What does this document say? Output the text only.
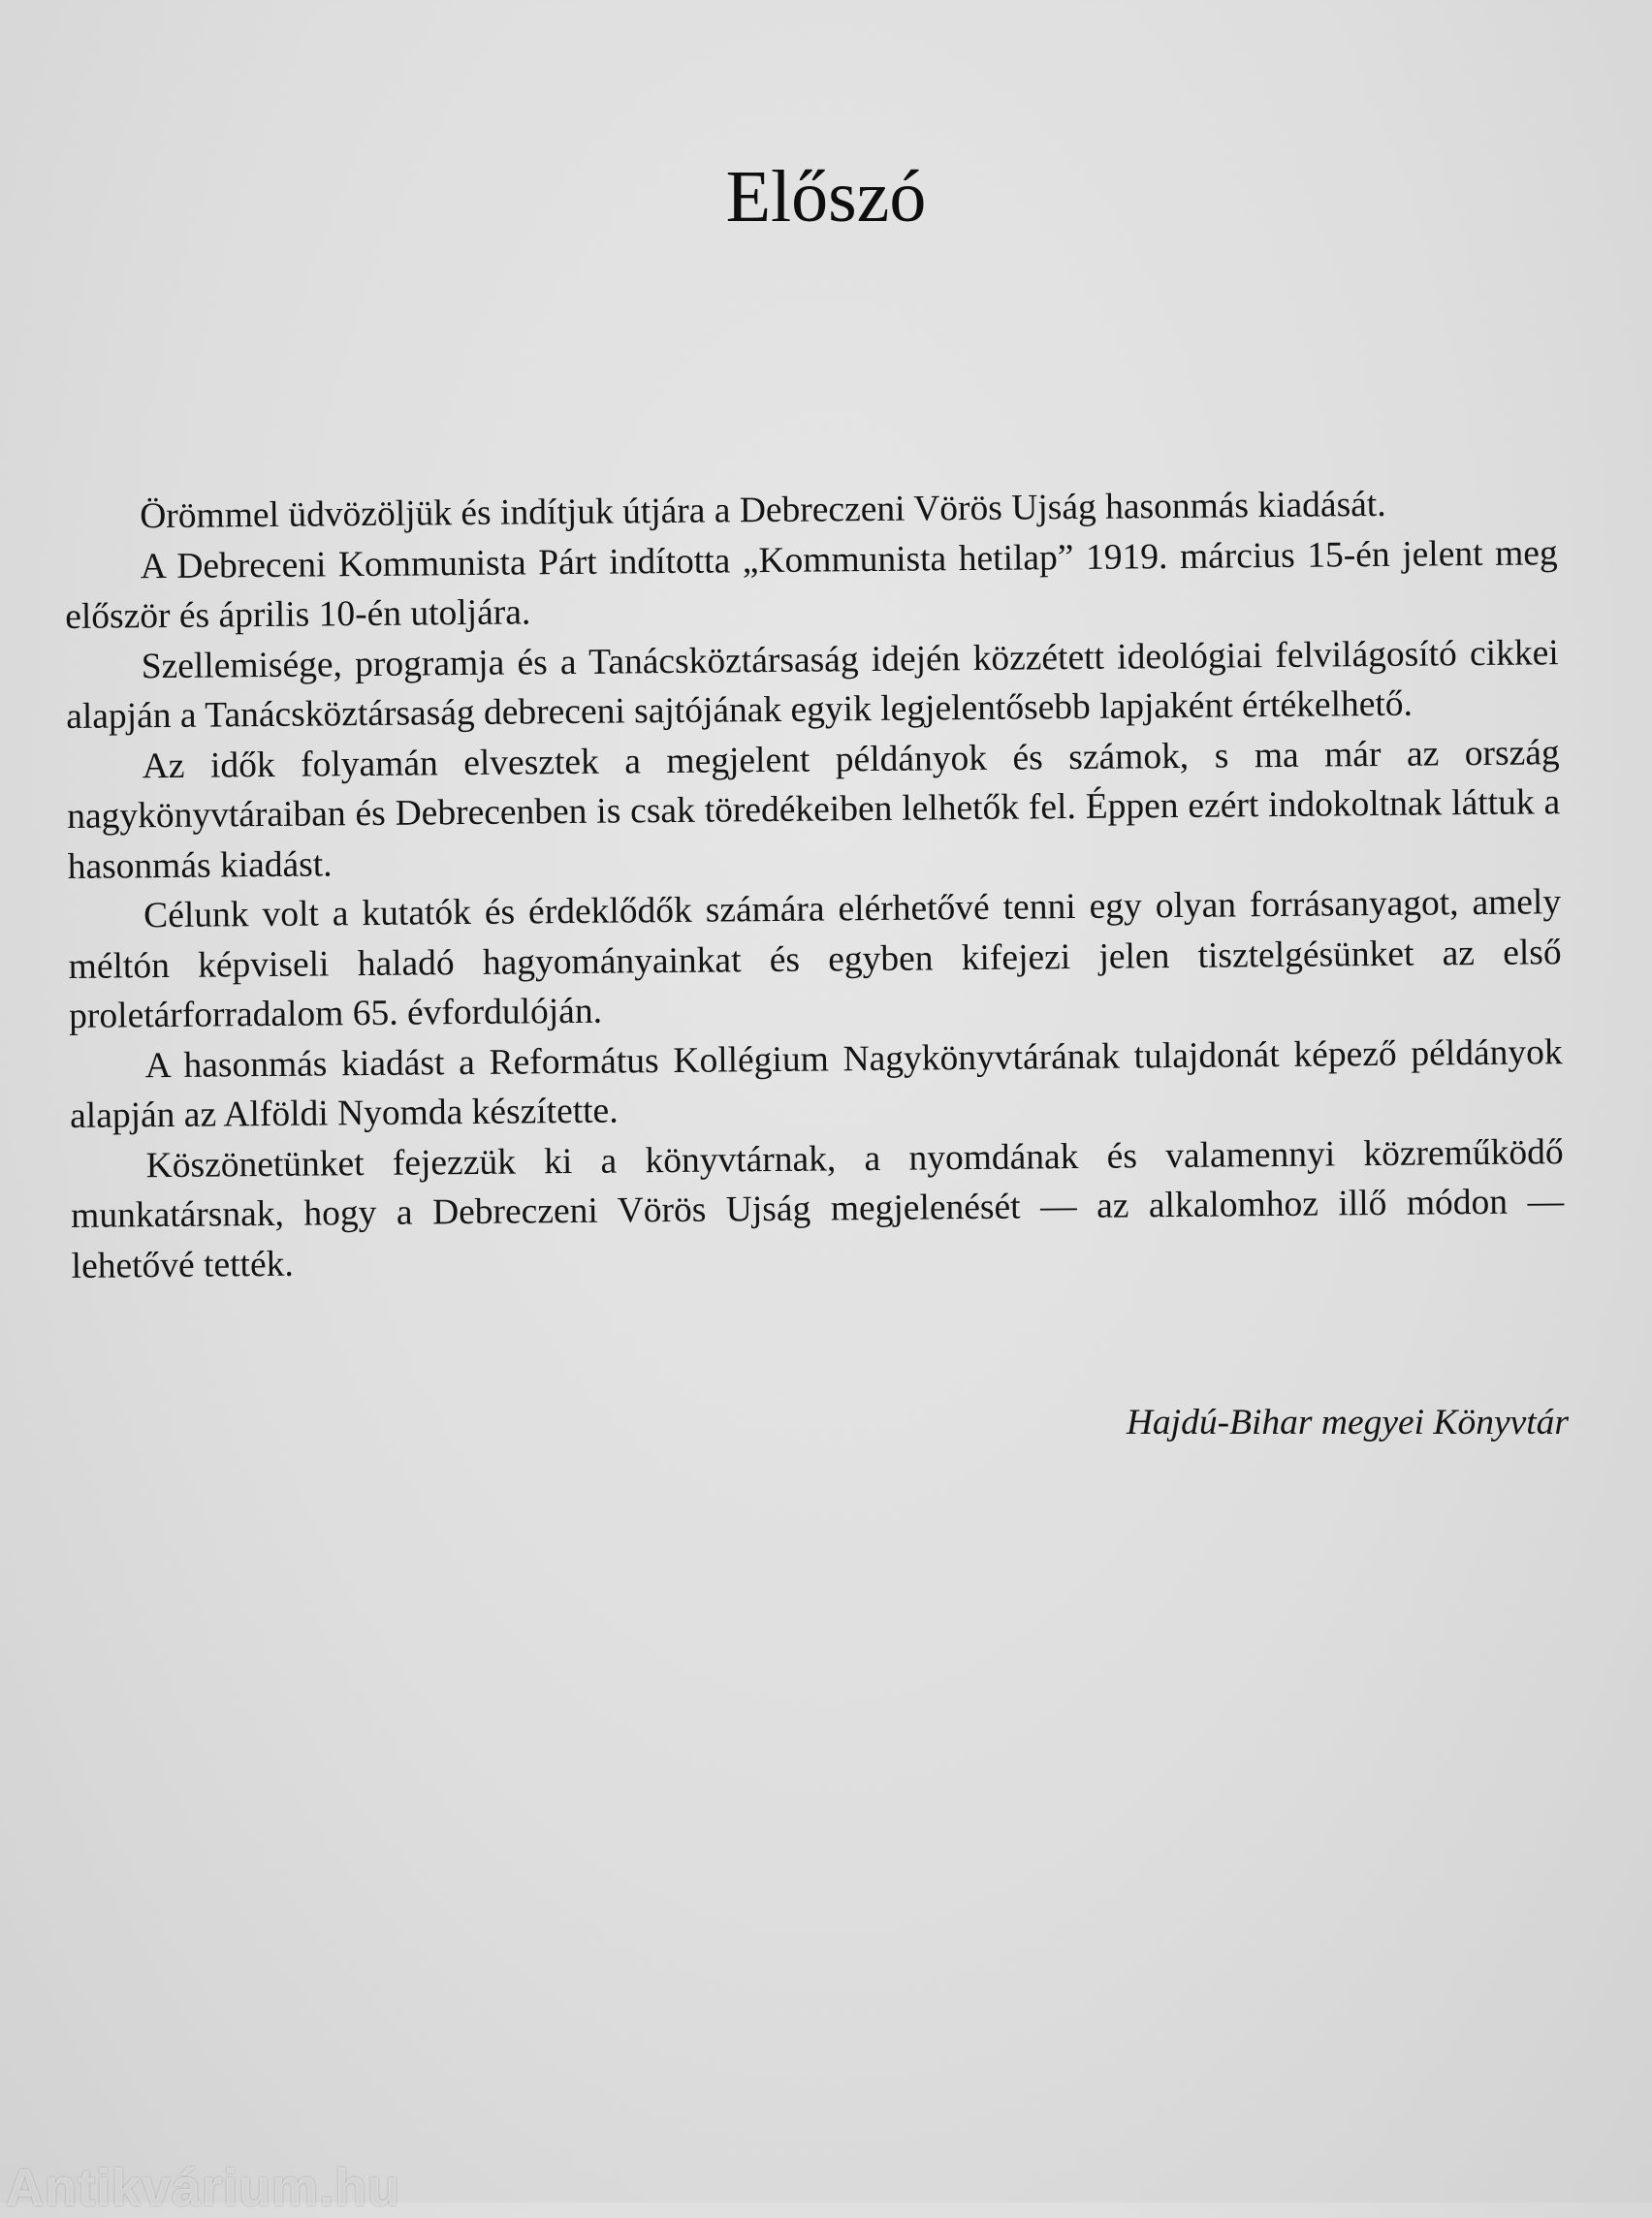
Előszó

Örömmel üdvözöljük és indítjuk útjára a Debreczeni Vörös Ujság hasonmás kiadását.

A Debreceni Kommunista Párt indította „Kommunista hetilap” 1919. március 15-én jelent meg először és április 10-én utoljára.

Szellemisége, programja és a Tanácsköztársaság idején közzétett ideológiai felvilágosító cikkei alapján a Tanácsköztársaság debreceni sajtójának egyik legjelentősebb lapjaként értékelhető.

Az idők folyamán elvesztek a megjelent példányok és számok, s ma már az ország nagykönyvtáraiban és Debrecenben is csak töredékeiben lelhetők fel. Éppen ezért indokoltnak láttuk a hasonmás kiadást.

Célunk volt a kutatók és érdeklődők számára elérhetővé tenni egy olyan forrásanyagot, amely méltón képviseli haladó hagyományainkat és egyben kifejezi jelen tisztelgésünket az első proletárforradalom 65. évfordulóján.

A hasonmás kiadást a Református Kollégium Nagykönyvtárának tulajdonát képező példányok alapján az Alföldi Nyomda készítette.

Köszönetünket fejezzük ki a könyvtárnak, a nyomdának és valamennyi közreműködő munkatársnak, hogy a Debreczeni Vörös Ujság megjelenését — az alkalomhoz illő módon — lehetővé tették.

Hajdú-Bihar megyei Könyvtár
Antikvárium.hu
